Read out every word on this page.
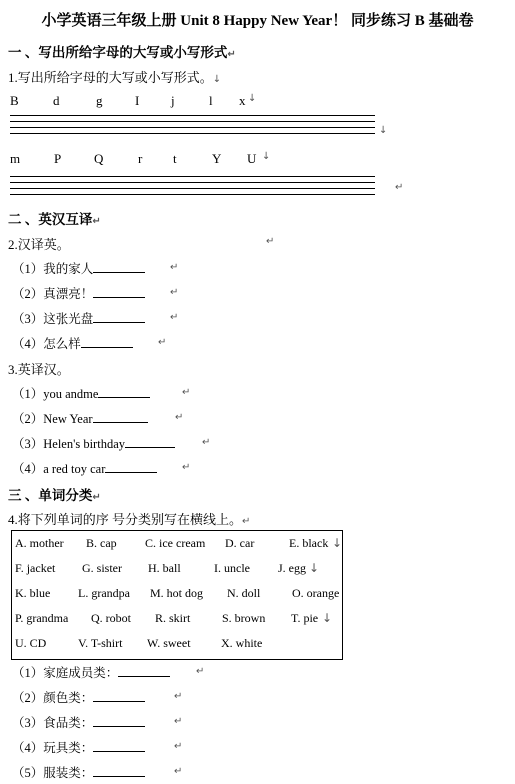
小学英语三年级上册 Unit 8 Happy New Year！ 同步练习 B 基础卷
一 、写出所给字母的大写或小写形式↵
1.写出所给字母的大写或小写形式。↓
B	d	g	I j	l x ↓
↓
m	P	Q	r t	Y U ↓
↵
二 、英汉互译↵
2.汉译英。	↵
（1）我的家人	↵
（2）真漂亮！	↵
（3）这张光盘	↵
（4）怎么样	↵
3.英译汉。
（1）you andme	↵
（2）New Year	↵
（3）Helen's birthday	↵
（4）a red toy car	↵
三 、单词分类↵
4.将下列单词的序 号分类别写在横线上。↵
A. mother B. cap C. ice cream D. car	E. black ↓
F. jacket G. sister H. ball	I. uncle J. egg ↓
K. blue L. grandpa M. hot dog N. doll	O. orange
P. grandma Q. robot R. skirt	S. brown T. pie ↓
U. CD	V. T-shirt W. sweet	X. white
（1）家庭成员类：	↵
（2）颜色类：	↵
（3）食品类：	↵
（4）玩具类：	↵
（5）服装类：	↵
